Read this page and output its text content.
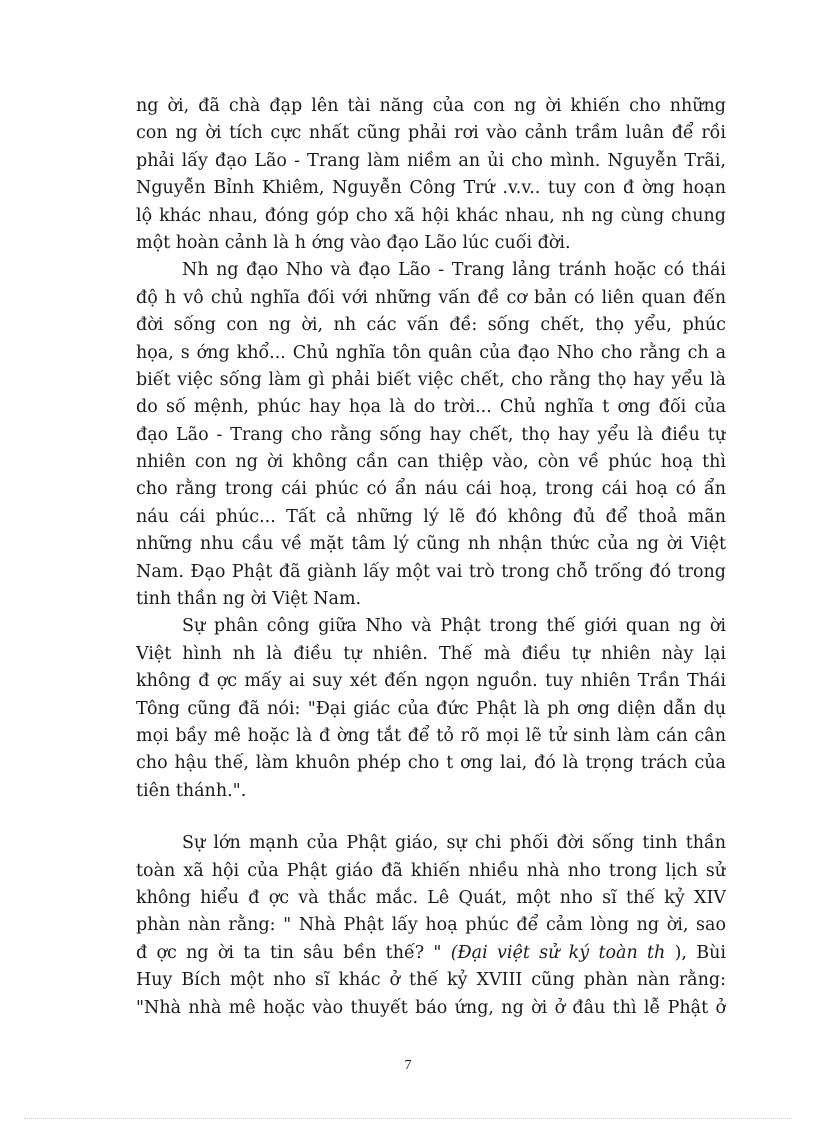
ng ời, đã chà đạp lên tài năng của con ng ời khiến cho những
con ng ời tích cực nhất cũng phải rơi vào cảnh trầm luân để rồi
phải lấy đạo Lão - Trang làm niềm an ủi cho mình. Nguyễn Trãi,
Nguyễn Bỉnh Khiêm, Nguyễn Công Trứ .v.v.. tuy con đ ờng hoạn
lộ khác nhau, đóng góp cho xã hội khác nhau, nh ng cùng chung
một hoàn cảnh là h ớng vào đạo Lão lúc cuối đời.
Nh ng đạo Nho và đạo Lão - Trang lảng tránh hoặc có thái
độ h vô chủ nghĩa đối với những vấn đề cơ bản có liên quan đến
đời sống con ng ời, nh các vấn đề: sống chết, thọ yểu, phúc
họa, s ớng khổ... Chủ nghĩa tôn quân của đạo Nho cho rằng ch a
biết việc sống làm gì phải biết việc chết, cho rằng thọ hay yểu là
do số mệnh, phúc hay họa là do trời... Chủ nghĩa t ơng đối của
đạo Lão - Trang cho rằng sống hay chết, thọ hay yểu là điều tự
nhiên con ng ời không cần can thiệp vào, còn về phúc hoạ thì
cho rằng trong cái phúc có ẩn náu cái hoạ, trong cái hoạ có ẩn
náu cái phúc... Tất cả những lý lẽ đó không đủ để thoả mãn
những nhu cầu về mặt tâm lý cũng nh nhận thức của ng ời Việt
Nam. Đạo Phật đã giành lấy một vai trò trong chỗ trống đó trong
tinh thần ng ời Việt Nam.
Sự phân công giữa Nho và Phật trong thế giới quan ng ời
Việt hình nh là điều tự nhiên. Thế mà điều tự nhiên này lại
không đ ợc mấy ai suy xét đến ngọn nguồn. tuy nhiên Trần Thái
Tông cũng đã nói: "Đại giác của đức Phật là ph ơng diện dẫn dụ
mọi bầy mê hoặc là đ ờng tắt để tỏ rõ mọi lẽ tử sinh làm cán cân
cho hậu thế, làm khuôn phép cho t ơng lai, đó là trọng trách của
tiên thánh.".
Sự lớn mạnh của Phật giáo, sự chi phối đời sống tinh thần
toàn xã hội của Phật giáo đã khiến nhiều nhà nho trong lịch sử
không hiểu đ ợc và thắc mắc. Lê Quát, một nho sĩ thế kỷ XIV
phàn nàn rằng: " Nhà Phật lấy hoạ phúc để cảm lòng ng ời, sao
đ ợc ng ời ta tin sâu bền thế? " (Đại việt sử ký toàn th ), Bùi
Huy Bích một nho sĩ khác ở thế kỷ XVIII cũng phàn nàn rằng:
"Nhà nhà mê hoặc vào thuyết báo ứng, ng ời ở đâu thì lễ Phật ở
7
